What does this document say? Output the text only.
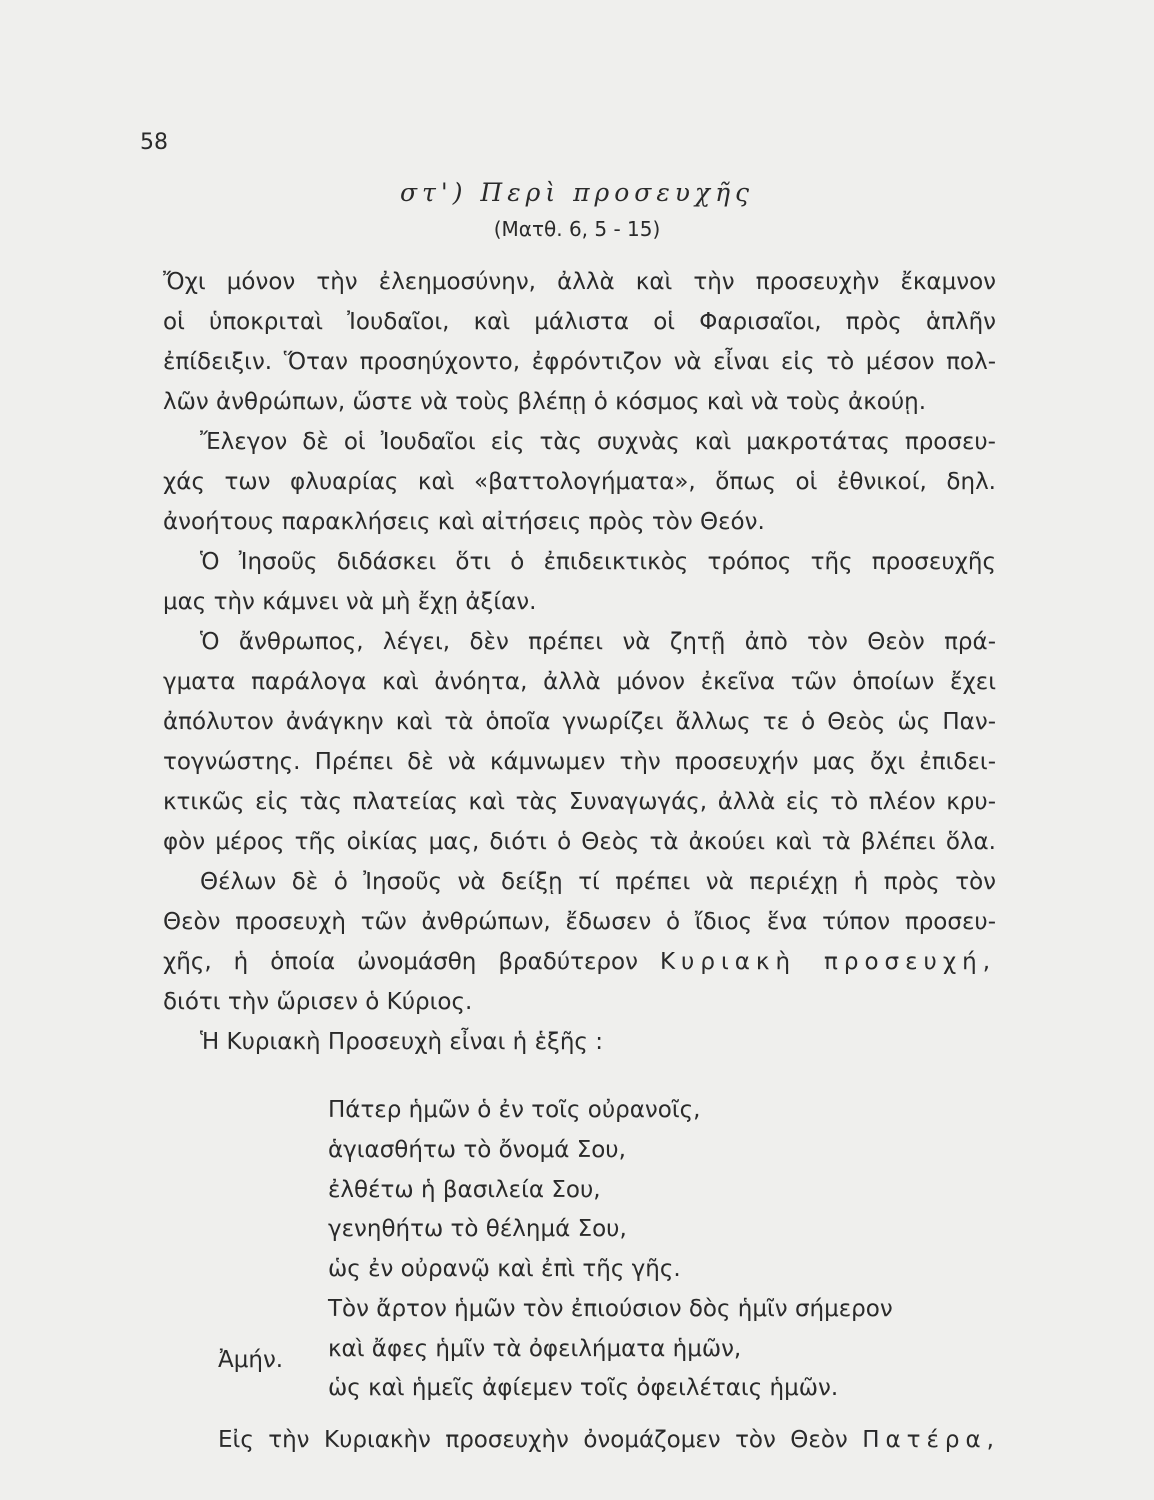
58
στ') Περὶ προσευχῆς
(Ματθ. 6, 5 - 15)
Ὄχι μόνον τὴν ἐλεημοσύνην, ἀλλὰ καὶ τὴν προσευχὴν ἔκαμνον
οἱ ὑποκριταὶ Ἰουδαῖοι, καὶ μάλιστα οἱ Φαρισαῖοι, πρὸς ἁπλῆν
ἐπίδειξιν. Ὅταν προσηύχοντο, ἐφρόντιζον νὰ εἶναι εἰς τὸ μέσον πολ-
λῶν ἀνθρώπων, ὥστε νὰ τοὺς βλέπῃ ὁ κόσμος καὶ νὰ τοὺς ἀκούῃ.
Ἔλεγον δὲ οἱ Ἰουδαῖοι εἰς τὰς συχνὰς καὶ μακροτάτας προσευ-
χάς των φλυαρίας καὶ «βαττολογήματα», ὅπως οἱ ἐθνικοί, δηλ.
ἀνοήτους παρακλήσεις καὶ αἰτήσεις πρὸς τὸν Θεόν.
Ὁ Ἰησοῦς διδάσκει ὅτι ὁ ἐπιδεικτικὸς τρόπος τῆς προσευχῆς
μας τὴν κάμνει νὰ μὴ ἔχῃ ἀξίαν.
Ὁ ἄνθρωπος, λέγει, δὲν πρέπει νὰ ζητῇ ἀπὸ τὸν Θεὸν πρά-
γματα παράλογα καὶ ἀνόητα, ἀλλὰ μόνον ἐκεῖνα τῶν ὁποίων ἔχει
ἀπόλυτον ἀνάγκην καὶ τὰ ὁποῖα γνωρίζει ἄλλως τε ὁ Θεὸς ὡς Παν-
τογνώστης. Πρέπει δὲ νὰ κάμνωμεν τὴν προσευχήν μας ὄχι ἐπιδει-
κτικῶς εἰς τὰς πλατείας καὶ τὰς Συναγωγάς, ἀλλὰ εἰς τὸ πλέον κρυ-
φὸν μέρος τῆς οἰκίας μας, διότι ὁ Θεὸς τὰ ἀκούει καὶ τὰ βλέπει ὅλα.
Θέλων δὲ ὁ Ἰησοῦς νὰ δείξῃ τί πρέπει νὰ περιέχῃ ἡ πρὸς τὸν
Θεὸν προσευχὴ τῶν ἀνθρώπων, ἔδωσεν ὁ ἴδιος ἕνα τύπον προσευ-
χῆς, ἡ ὁποία ὠνομάσθη βραδύτερον Κυριακὴ προσευχή,
διότι τὴν ὥρισεν ὁ Κύριος.
Ἡ Κυριακὴ Προσευχὴ εἶναι ἡ ἑξῆς :
Πάτερ ἡμῶν ὁ ἐν τοῖς οὐρανοῖς,
ἁγιασθήτω τὸ ὄνομά Σου,
ἐλθέτω ἡ βασιλεία Σου,
γενηθήτω τὸ θέλημά Σου,
ὡς ἐν οὐρανῷ καὶ ἐπὶ τῆς γῆς.
Τὸν ἄρτον ἡμῶν τὸν ἐπιούσιον δὸς ἡμῖν σήμερον
καὶ ἄφες ἡμῖν τὰ ὀφειλήματα ἡμῶν,
ὡς καὶ ἡμεῖς ἀφίεμεν τοῖς ὀφειλέταις ἡμῶν.
Ἀμήν.
Εἰς τὴν Κυριακὴν προσευχὴν ὀνομάζομεν τὸν Θεὸν Πατέρα,
